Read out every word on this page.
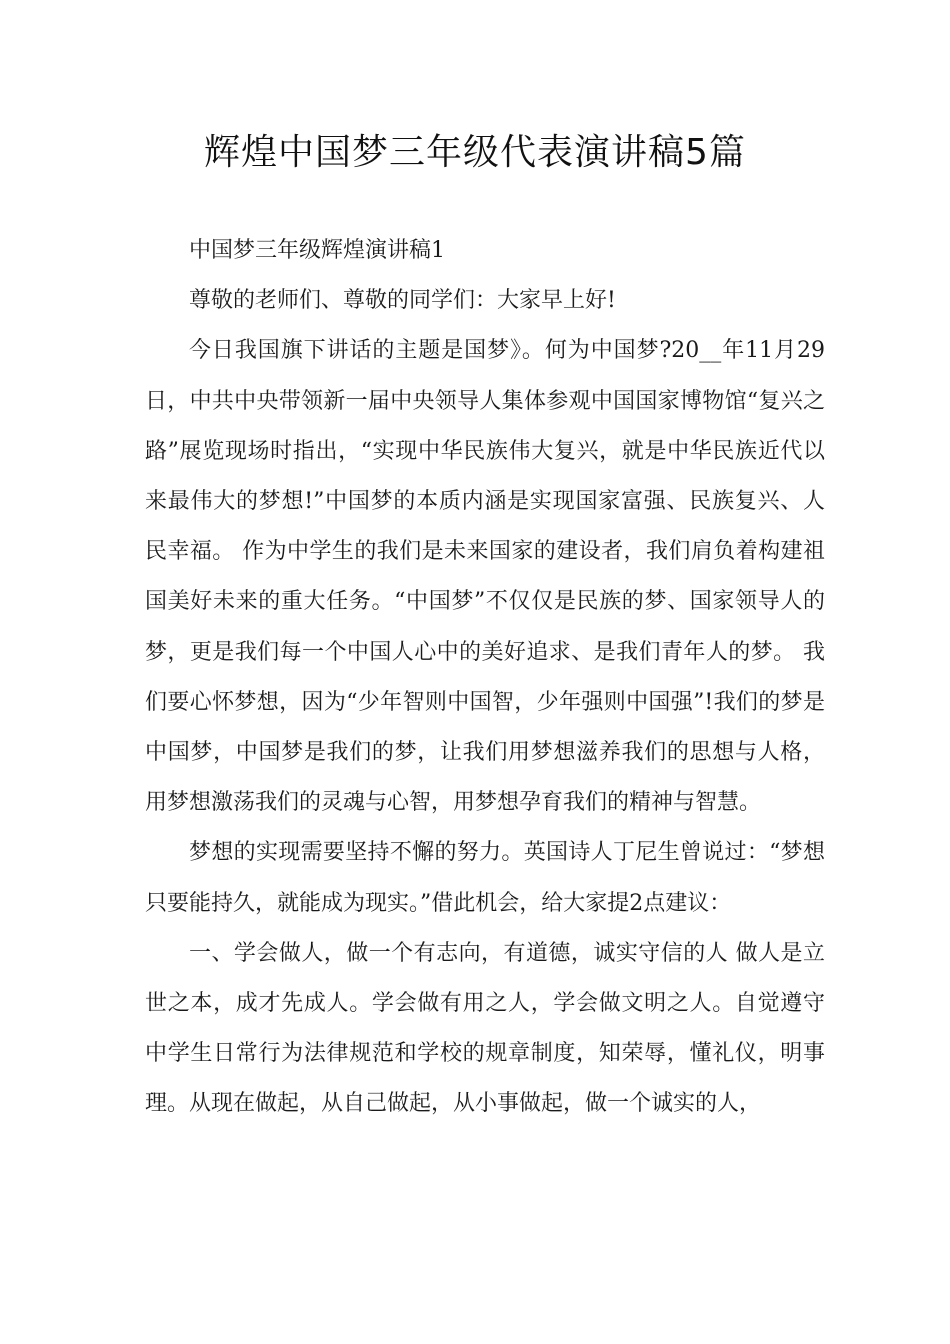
辉煌中国梦三年级代表演讲稿5篇

中国梦三年级辉煌演讲稿1

尊敬的老师们、尊敬的同学们：大家早上好!

今日我国旗下讲话的主题是国梦》。何为中国梦?20__年11月29日，中共中央带领新一届中央领导人集体参观中国国家博物馆“复兴之路”展览现场时指出，“实现中华民族伟大复兴，就是中华民族近代以来最伟大的梦想!”中国梦的本质内涵是实现国家富强、民族复兴、人民幸福。 作为中学生的我们是未来国家的建设者，我们肩负着构建祖国美好未来的重大任务。“中国梦”不仅仅是民族的梦、国家领导人的梦，更是我们每一个中国人心中的美好追求、是我们青年人的梦。 我们要心怀梦想，因为“少年智则中国智，少年强则中国强”!我们的梦是中国梦，中国梦是我们的梦，让我们用梦想滋养我们的思想与人格，用梦想激荡我们的灵魂与心智，用梦想孕育我们的精神与智慧。

梦想的实现需要坚持不懈的努力。英国诗人丁尼生曾说过：“梦想只要能持久，就能成为现实。”借此机会，给大家提2点建议：

一、学会做人，做一个有志向，有道德，诚实守信的人 做人是立世之本，成才先成人。学会做有用之人，学会做文明之人。自觉遵守中学生日常行为法律规范和学校的规章制度，知荣辱，懂礼仪，明事理。从现在做起，从自己做起，从小事做起，做一个诚实的人，
